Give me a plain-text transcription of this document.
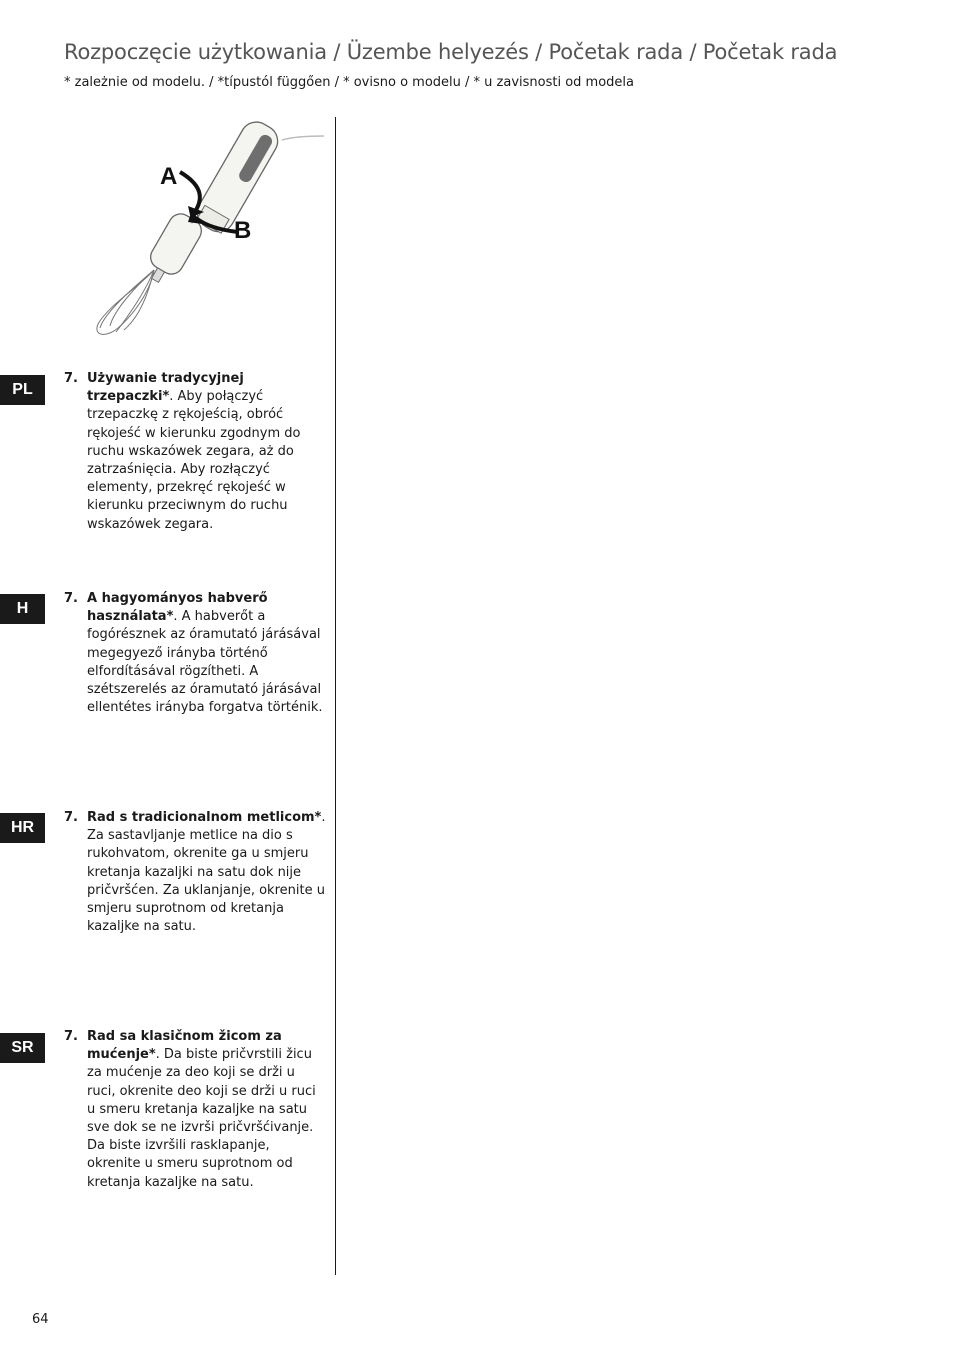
Rozpoczęcie użytkowania / Üzembe helyezés / Početak rada / Početak rada

* zależnie od modelu. / *típustól függően / * ovisno o modelu / * u zavisnosti od modela

A
B
PL
H
HR
SR
7. Używanie tradycyjnej trzepaczki*. Aby połączyć trzepaczkę z rękojeścią, obróć rękojeść w kierunku zgodnym do ruchu wskazówek zegara, aż do zatrzaśnięcia. Aby rozłączyć elementy, przekręć rękojeść w kierunku przeciwnym do ruchu wskazówek zegara.
7. A hagyományos habverő használata*. A habverőt a fogórésznek az óramutató járásával megegyező irányba történő elfordításával rögzítheti. A szétszerelés az óramutató járásával ellentétes irányba forgatva történik.
7. Rad s tradicionalnom metlicom*. Za sastavljanje metlice na dio s rukohvatom, okrenite ga u smjeru kretanja kazaljki na satu dok nije pričvršćen. Za uklanjanje, okrenite u smjeru suprotnom od kretanja kazaljke na satu.
7. Rad sa klasičnom žicom za mućenje*. Da biste pričvrstili žicu za mućenje za deo koji se drži u ruci, okrenite deo koji se drži u ruci u smeru kretanja kazaljke na satu sve dok se ne izvrši pričvršćivanje. Da biste izvršili rasklapanje, okrenite u smeru suprotnom od kretanja kazaljke na satu.
64
